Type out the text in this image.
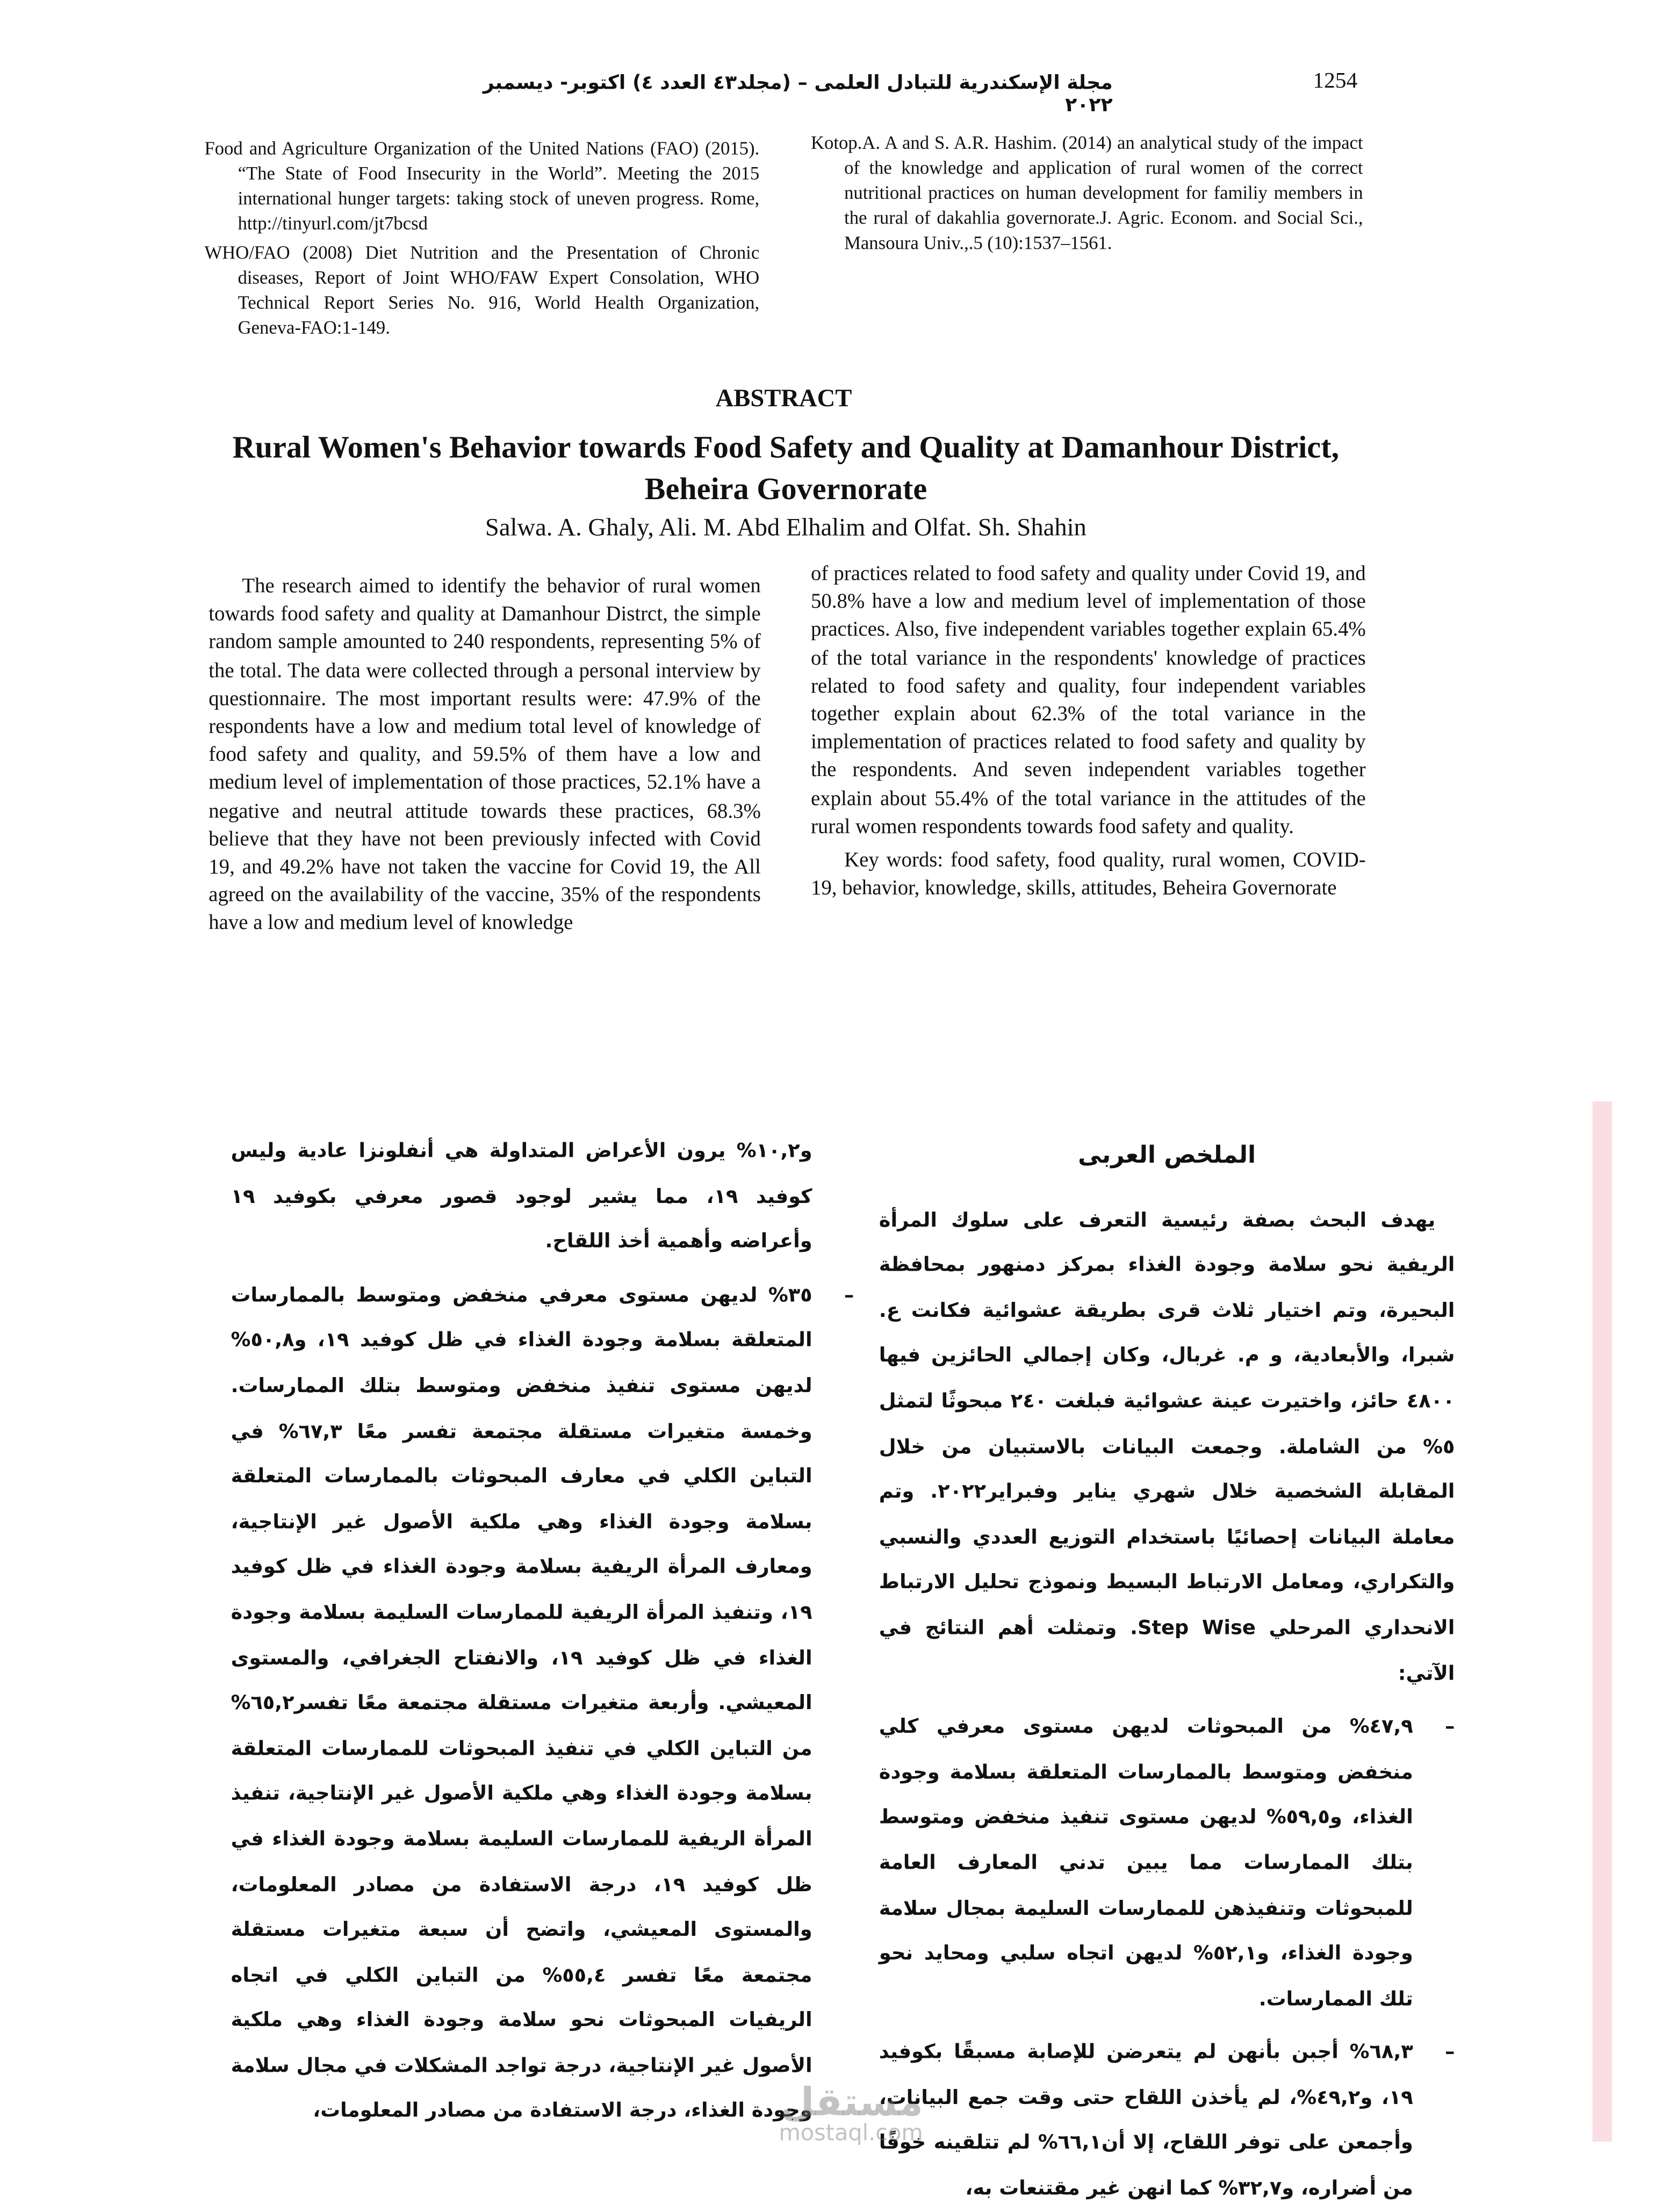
1254
مجلة الإسكندرية للتبادل العلمى – (مجلد٤٣ العدد ٤) اكتوبر- ديسمبر ٢٠٢٢

Food and Agriculture Organization of the United Nations (FAO) (2015). “The State of Food Insecurity in the World”. Meeting the 2015 international hunger targets: taking stock of uneven progress. Rome, http://tinyurl.com/jt7bcsd

WHO/FAO (2008) Diet Nutrition and the Presentation of Chronic diseases, Report of Joint WHO/FAW Expert Consolation, WHO Technical Report Series No. 916, World Health Organization, Geneva-FAO:1-149.

Kotop.A. A and S. A.R. Hashim. (2014) an analytical study of the impact of the knowledge and application of rural women of the correct nutritional practices on human development for familiy members in the rural of dakahlia governorate.J. Agric. Econom. and Social Sci., Mansoura Univ.,.5 (10):1537–1561.

ABSTRACT
Rural Women's Behavior towards Food Safety and Quality at Damanhour District, Beheira Governorate
Salwa. A. Ghaly, Ali. M. Abd Elhalim and Olfat. Sh. Shahin
The research aimed to identify the behavior of rural women towards food safety and quality at Damanhour Distrct, the simple random sample amounted to 240 respondents, representing 5% of the total. The data were collected through a personal interview by questionnaire. The most important results were: 47.9% of the respondents have a low and medium total level of knowledge of food safety and quality, and 59.5% of them have a low and medium level of implementation of those practices, 52.1% have a negative and neutral attitude towards these practices, 68.3% believe that they have not been previously infected with Covid 19, and 49.2% have not taken the vaccine for Covid 19, the All agreed on the availability of the vaccine, 35% of the respondents have a low and medium level of knowledge

of practices related to food safety and quality under Covid 19, and 50.8% have a low and medium level of implementation of those practices. Also, five independent variables together explain 65.4% of the total variance in the respondents' knowledge of practices related to food safety and quality, four independent variables together explain about 62.3% of the total variance in the implementation of practices related to food safety and quality by the respondents. And seven independent variables together explain about 55.4% of the total variance in the attitudes of the rural women respondents towards food safety and quality.

Key words: food safety, food quality, rural women, COVID-19, behavior, knowledge, skills, attitudes, Beheira Governorate

الملخص العربى

يهدف البحث بصفة رئيسية التعرف على سلوك المرأة الريفية نحو سلامة وجودة الغذاء بمركز دمنهور بمحافظة البحيرة، وتم اختيار ثلاث قرى بطريقة عشوائية فكانت ع. شبرا، والأبعادية، و م. غربال، وكان إجمالي الحائزين فيها ٤٨٠٠ حائز، واختيرت عينة عشوائية فبلغت ٢٤٠ مبحوثًا لتمثل ٥% من الشاملة. وجمعت البيانات بالاستبيان من خلال المقابلة الشخصية خلال شهري يناير وفبراير٢٠٢٢. وتم معاملة البيانات إحصائيًا باستخدام التوزيع العددي والنسبي والتكراري، ومعامل الارتباط البسيط ونموذج تحليل الارتباط الانحداري المرحلي Step Wise. وتمثلت أهم النتائج في الآتي:

–

٤٧,٩% من المبحوثات لديهن مستوى معرفي كلي منخفض ومتوسط بالممارسات المتعلقة بسلامة وجودة الغذاء، و٥٩,٥% لديهن مستوى تنفيذ منخفض ومتوسط بتلك الممارسات مما يبين تدني المعارف العامة للمبحوثات وتنفيذهن للممارسات السليمة بمجال سلامة وجودة الغذاء، و٥٢,١% لديهن اتجاه سلبي ومحايد نحو تلك الممارسات.

–

٦٨,٣% أجبن بأنهن لم يتعرضن للإصابة مسبقًا بكوفيد ١٩، و٤٩,٢%، لم يأخذن اللقاح حتى وقت جمع البيانات، وأجمعن على توفر اللقاح، إلا أن٦٦,١% لم تتلقينه خوفًا من أضراره، و٣٢,٧% كما انهن غير مقتنعات به،

و١٠,٢% يرون الأعراض المتداولة هي أنفلونزا عادية وليس كوفيد ١٩، مما يشير لوجود قصور معرفي بكوفيد ١٩ وأعراضه وأهمية أخذ اللقاح.

–

٣٥% لديهن مستوى معرفي منخفض ومتوسط بالممارسات المتعلقة بسلامة وجودة الغذاء في ظل كوفيد ١٩، و٥٠,٨% لديهن مستوى تنفيذ منخفض ومتوسط بتلك الممارسات. وخمسة متغيرات مستقلة مجتمعة تفسر معًا ٦٧,٣% في التباين الكلي في معارف المبحوثات بالممارسات المتعلقة بسلامة وجودة الغذاء وهي ملكية الأصول غير الإنتاجية، ومعارف المرأة الريفية بسلامة وجودة الغذاء في ظل كوفيد ١٩، وتنفيذ المرأة الريفية للممارسات السليمة بسلامة وجودة الغذاء في ظل كوفيد ١٩، والانفتاح الجغرافي، والمستوى المعيشي. وأربعة متغيرات مستقلة مجتمعة معًا تفسر٦٥,٢% من التباين الكلي في تنفيذ المبحوثات للممارسات المتعلقة بسلامة وجودة الغذاء وهي ملكية الأصول غير الإنتاجية، تنفيذ المرأة الريفية للممارسات السليمة بسلامة وجودة الغذاء في ظل كوفيد ١٩، درجة الاستفادة من مصادر المعلومات، والمستوى المعيشي، واتضح أن سبعة متغيرات مستقلة مجتمعة معًا تفسر ٥٥,٤% من التباين الكلي في اتجاه الريفيات المبحوثات نحو سلامة وجودة الغذاء وهي ملكية الأصول غير الإنتاجية، درجة تواجد المشكلات في مجال سلامة وجودة الغذاء، درجة الاستفادة من مصادر المعلومات،

مستقل
mostaql.com
